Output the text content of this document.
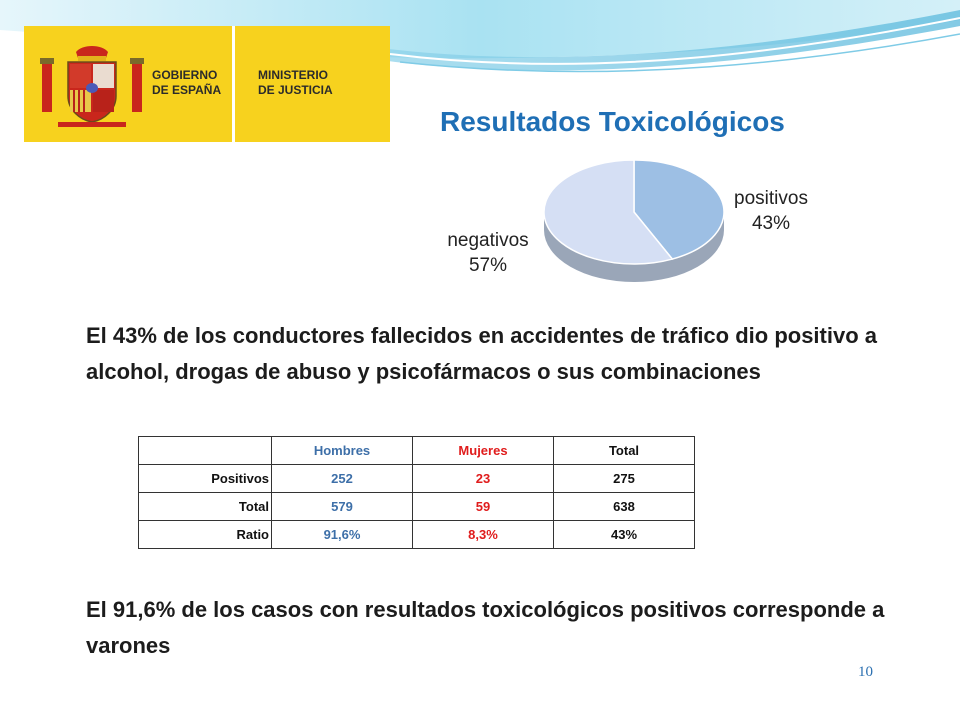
GOBIERNO
DE ESPAÑA
MINISTERIO
DE JUSTICIA
Resultados Toxicológicos
positivos
43%
negativos
57%
El 43% de los conductores fallecidos en accidentes de tráfico dio positivo a alcohol, drogas de abuso y psicofármacos o sus combinaciones
	Hombres	Mujeres	Total
Positivos	252	23	275
Total	579	59	638
Ratio	91,6%	8,3%	43%
El 91,6% de los casos con resultados toxicológicos positivos corresponde a varones
10
